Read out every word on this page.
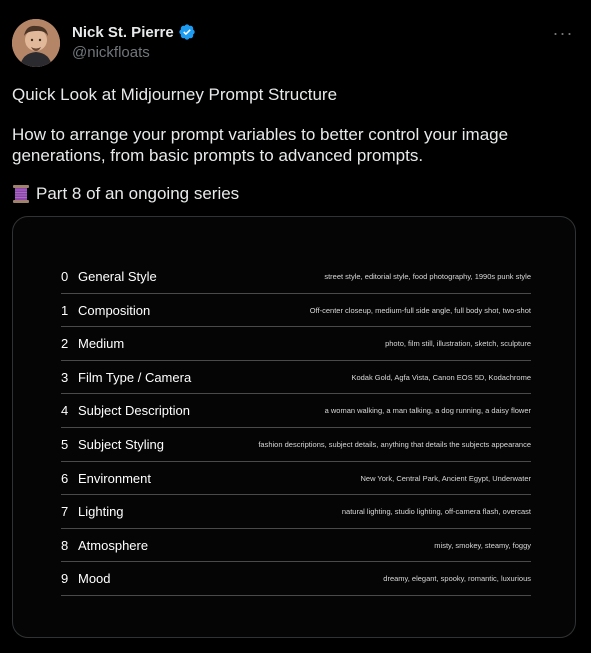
Nick St. Pierre
@nickfloats
···
Quick Look at Midjourney Prompt Structure
How to arrange your prompt variables to better control your image generations, from basic prompts to advanced prompts.
Part 8 of an ongoing series
0 General Style	street style, editorial style, food photography, 1990s punk style
1 Composition	Off-center closeup, medium-full side angle, full body shot, two-shot
2 Medium	photo, film still, illustration, sketch, sculpture
3 Film Type / Camera	Kodak Gold, Agfa Vista, Canon EOS 5D, Kodachrome
4 Subject Description	a woman walking, a man talking, a dog running, a daisy flower
5 Subject Styling	fashion descriptions, subject details, anything that details the subjects appearance
6 Environment	New York, Central Park, Ancient Egypt, Underwater
7 Lighting	natural lighting, studio lighting, off-camera flash, overcast
8 Atmosphere	misty, smokey, steamy, foggy
9 Mood	dreamy, elegant, spooky, romantic, luxurious
